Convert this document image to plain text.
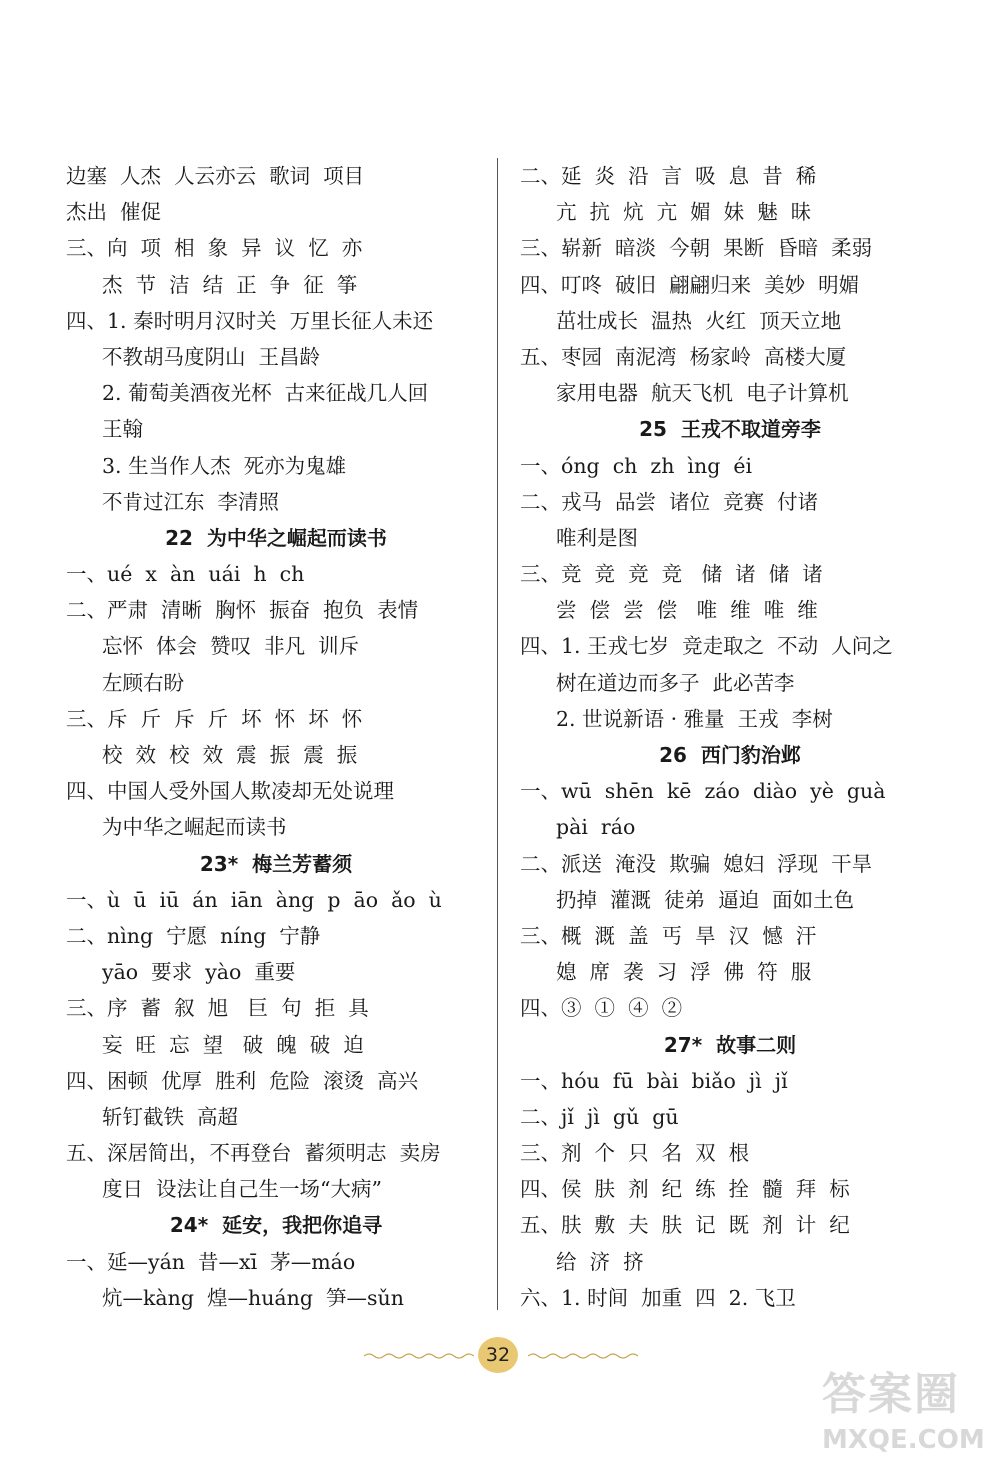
边塞  人杰  人云亦云  歌词  项目
杰出  催促
三、向  项  相  象  异  议  忆  亦
杰  节  洁  结  正  争  征  筝
四、1. 秦时明月汉时关  万里长征人未还
不教胡马度阴山  王昌龄
2. 葡萄美酒夜光杯  古来征战几人回
王翰
3. 生当作人杰  死亦为鬼雄
不肯过江东  李清照
22  为中华之崛起而读书
一、ué  x  àn  uái  h  ch
二、严肃  清晰  胸怀  振奋  抱负  表情
忘怀  体会  赞叹  非凡  训斥
左顾右盼
三、斥  斤  斥  斤  坏  怀  坏  怀
校  效  校  效  震  振  震  振
四、中国人受外国人欺凌却无处说理
为中华之崛起而读书
23*  梅兰芳蓄须
一、ù  ū  iū  án  iān  àng  p  āo  ǎo  ù
二、nìng  宁愿  níng  宁静
yāo  要求  yào  重要
三、序  蓄  叙  旭   巨  句  拒  具
妄  旺  忘  望   破  魄  破  迫
四、困顿  优厚  胜利  危险  滚烫  高兴
斩钉截铁  高超
五、深居简出，不再登台  蓄须明志  卖房
度日  设法让自己生一场“大病”
24*  延安，我把你追寻
一、延—yán  昔—xī  茅—máo
炕—kàng  煌—huáng  笋—sǔn
二、延  炎  沿  言  吸  息  昔  稀
亢  抗  炕  亢  媚  妹  魅  昧
三、崭新  暗淡  今朝  果断  昏暗  柔弱
四、叮咚  破旧  翩翩归来  美妙  明媚
茁壮成长  温热  火红  顶天立地
五、枣园  南泥湾  杨家岭  高楼大厦
家用电器  航天飞机  电子计算机
25  王戎不取道旁李
一、óng  ch  zh  ìng  éi
二、戎马  品尝  诸位  竞赛  付诸
唯利是图
三、竞  竞  竞  竞   储  诸  储  诸
尝  偿  尝  偿   唯  维  唯  维
四、1. 王戎七岁  竞走取之  不动  人问之
树在道边而多子  此必苦李
2. 世说新语 · 雅量  王戎  李树
26  西门豹治邺
一、wū  shēn  kē  záo  diào  yè  guà
pài  ráo
二、派送  淹没  欺骗  媳妇  浮现  干旱
扔掉  灌溉  徒弟  逼迫  面如土色
三、概  溉  盖  丐  旱  汉  憾  汗
媳  席  袭  习  浮  佛  符  服
四、③  ①  ④  ②
27*  故事二则
一、hóu  fū  bài  biǎo  jì  jǐ
二、jǐ  jì  gǔ  gū
三、剂  个  只  名  双  根
四、侯  肤  剂  纪  练  拴  髓  拜  标
五、肤  敷  夫  肤  记  既  剂  计  纪
给  济  挤
六、1. 时间  加重  四  2. 飞卫
32
答案圈
MXQE.COM
